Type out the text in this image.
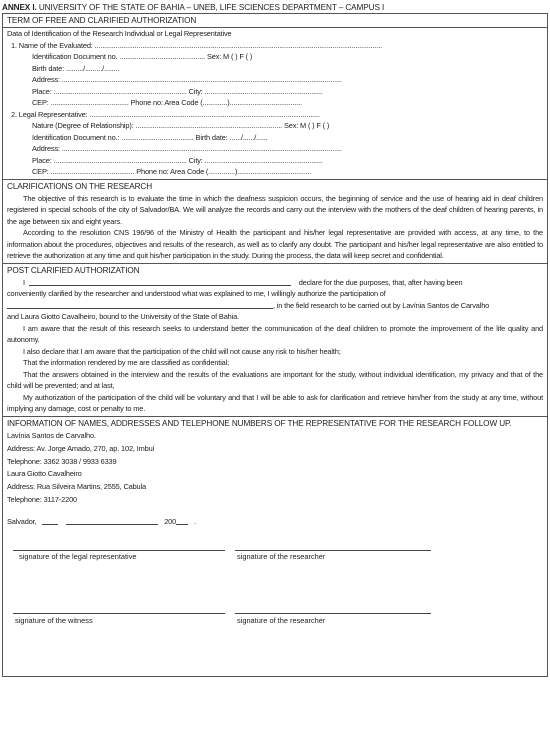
ANNEX I. UNIVERSITY OF THE STATE OF BAHIA – UNEB, LIFE SCIENCES DEPARTMENT – CAMPUS I
TERM OF FREE AND CLARIFIED AUTHORIZATION
Data of Identification of the Research Individual or Legal Representative
1. Name of the Evaluated: .......................................................................................................................................................
Identification Document no. ............................................. Sex: M ( ) F ( )
Birth date: ........./........./........
Address: ...................................................................................................................................................
Place: ...................................................................... City: ..............................................................
CEP: ......................................... Phone no: Area Code (.............)......................................
2. Legal Representative: .........................................................................................................................
Nature (Degree of Relationship): ............................................................................. Sex: M ( ) F ( )
Identification Document no.: ...................................... Birth date: ....../....../......
Address: ...................................................................................................................................................
Place: ...................................................................... City: ..............................................................
CEP: ............................................ Phone no: Area Code (..............).......................................
CLARIFICATIONS ON THE RESEARCH

The objective of this research is to evaluate the time in which the deafness suspicion occurs, the beginning of service and the use of hearing aid in deaf children registered in special schools of the city of Salvador/BA. We will analyze the records and carry out the interview with the mothers of the deaf children of hearing parents, in the age between six and eight years.

According to the resolution CNS 196/96 of the Ministry of Health the participant and his/her legal representative are provided with access, at any time, to the information about the procedures, objectives and results of the research, as well as to clarify any doubt. The participant and his/her legal representative are also entitled to retrieve the authorization at any time and quit his/her participation in the study. During the process, the data will keep secret and confidential.

POST CLARIFIED AUTHORIZATION
I	declare for the due purposes, that, after having been
conveniently clarified by the researcher and understood what was explained to me, I willingly authorize the participation of
, in the field research to be carried out by Lavínia Santos de Carvalho
and Laura Giotto Cavalheiro, bound to the University of the State of Bahia.

I am aware that the result of this research seeks to understand better the communication of the deaf children to promote the improvement of the life quality and autonomy.

I also declare that I am aware that the participation of the child will not cause any risk to his/her health;

That the information rendered by me are classified as confidential;

That the answers obtained in the interview and the results of the evaluations are important for the study, without individual identification, my privacy and that of the child will be prevented; and at last,

My authorization of the participation of the child will be voluntary and that I will be able to ask for clarification and retrieve him/her from the study at any time, without implying any damage, cost or penalty to me.

INFORMATION OF NAMES, ADDRESSES AND TELEPHONE NUMBERS OF THE REPRESENTATIVE FOR THE RESEARCH FOLLOW UP.
Lavínia Santos de Carvalho.
Address: Av. Jorge Amado, 270, ap. 102, Imbuí
Telephone: 3362 3038 / 9933 6339
Laura Giotto Cavalheiro
Address: Rua Silveira Martins, 2555, Cabula
Telephone: 3117-2200
Salvador,	200 .
signature of the legal representative	signature of the researcher
signature of the witness	signature of the researcher
